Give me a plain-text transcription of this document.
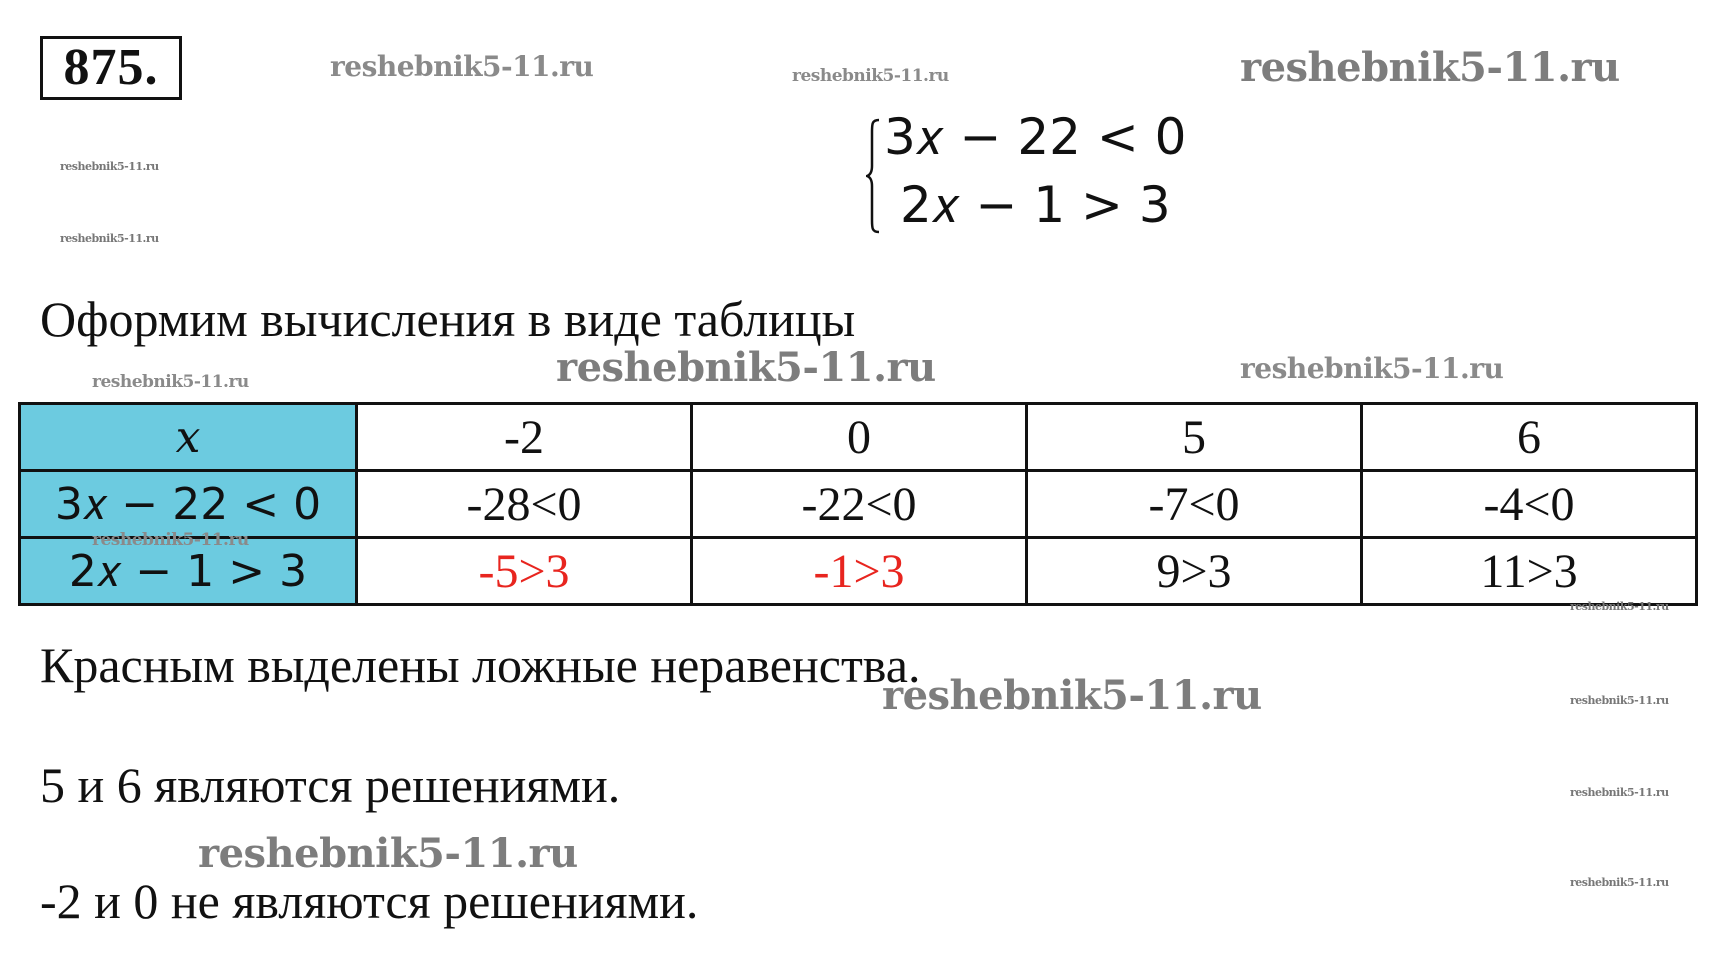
875.	reshebnik5-11.ru	reshebnik5-11.ru	reshebnik5-11.ru
reshebnik5-11.ru
reshebnik5-11.ru
reshebnik5-11.ru	reshebnik5-11.ru
reshebnik5-11.ru
3𝑥 − 22 < 0
2𝑥 − 1 > 3
Оформим вычисления в виде таблицы
x	-2	0	5	6
3𝑥 − 22 < 0	-28<0	-22<0	-7<0	-4<0
2𝑥 − 1 > 3	-5>3	-1>3	9>3	11>3
reshebnik5-11.ru
reshebnik5-11.ru
Красным выделены ложные неравенства.
reshebnik5-11.ru	reshebnik5-11.ru
5 и 6 являются решениями.	reshebnik5-11.ru
reshebnik5-11.ru
reshebnik5-11.ru
-2 и 0 не являются решениями.
